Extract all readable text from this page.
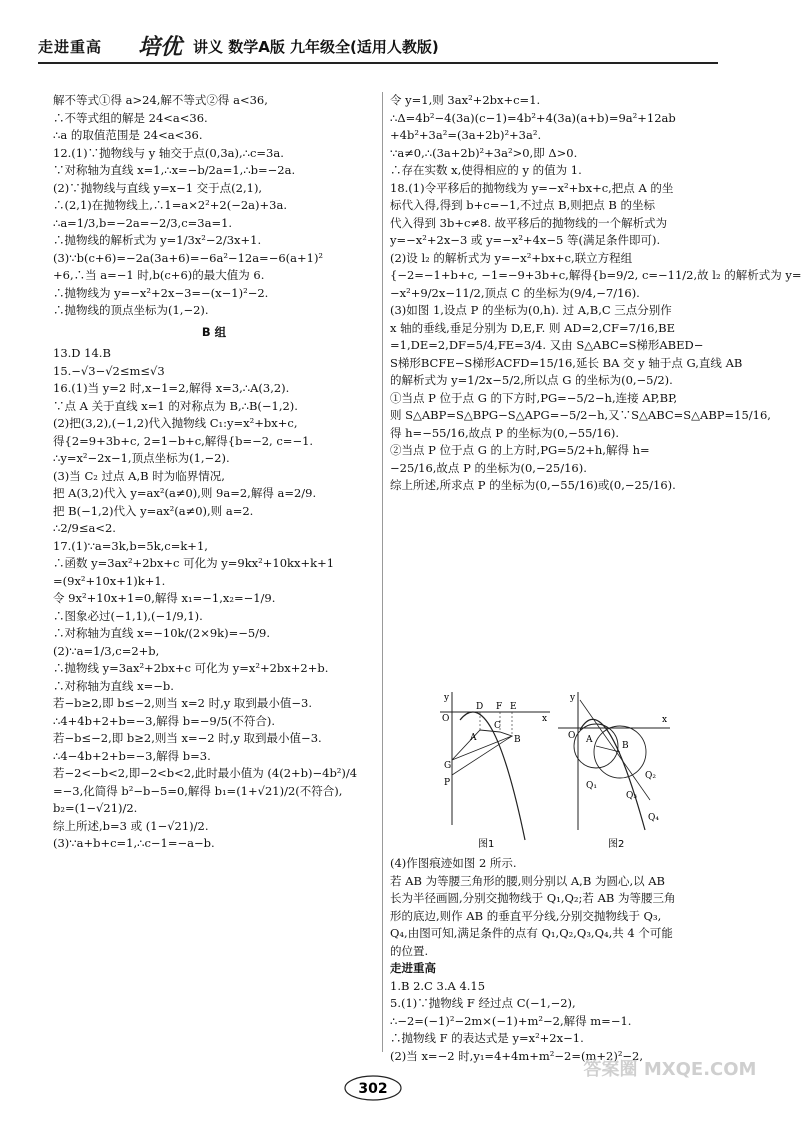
走进重高 培优 讲义 数学A版 九年级全(适用人教版)
解不等式①得 a>24,解不等式②得 a<36,
∴不等式组的解是 24<a<36.
∴a 的取值范围是 24<a<36.
12.(1)∵抛物线与 y 轴交于点(0,3a),∴c=3a.
∵对称轴为直线 x=1,∴x=−b/2a=1,∴b=−2a.
(2)∵抛物线与直线 y=x−1 交于点(2,1),
∴(2,1)在抛物线上,∴1=a×2²+2(−2a)+3a.
∴a=1/3,b=−2a=−2/3,c=3a=1.
∴抛物线的解析式为 y=1/3x²−2/3x+1.
(3)∵b(c+6)=−2a(3a+6)=−6a²−12a=−6(a+1)²
+6,∴当 a=−1 时,b(c+6)的最大值为 6.
∴抛物线为 y=−x²+2x−3=−(x−1)²−2.
∴抛物线的顶点坐标为(1,−2).
B 组
13.D 14.B
15.−√3−√2≤m≤√3
16.(1)当 y=2 时,x−1=2,解得 x=3,∴A(3,2).
∵点 A 关于直线 x=1 的对称点为 B,∴B(−1,2).
(2)把(3,2),(−1,2)代入抛物线 C₁:y=x²+bx+c,
得{2=9+3b+c, 2=1−b+c,解得{b=−2, c=−1.
∴y=x²−2x−1,顶点坐标为(1,−2).
(3)当 C₂ 过点 A,B 时为临界情况,
把 A(3,2)代入 y=ax²(a≠0),则 9a=2,解得 a=2/9.
把 B(−1,2)代入 y=ax²(a≠0),则 a=2.
∴2/9≤a<2.
17.(1)∵a=3k,b=5k,c=k+1,
∴函数 y=3ax²+2bx+c 可化为 y=9kx²+10kx+k+1
=(9x²+10x+1)k+1.
令 9x²+10x+1=0,解得 x₁=−1,x₂=−1/9.
∴图象必过(−1,1),(−1/9,1).
∴对称轴为直线 x=−10k/(2×9k)=−5/9.
(2)∵a=1/3,c=2+b,
∴抛物线 y=3ax²+2bx+c 可化为 y=x²+2bx+2+b.
∴对称轴为直线 x=−b.
若−b≥2,即 b≤−2,则当 x=2 时,y 取到最小值−3.
∴4+4b+2+b=−3,解得 b=−9/5(不符合).
若−b≤−2,即 b≥2,则当 x=−2 时,y 取到最小值−3.
∴4−4b+2+b=−3,解得 b=3.
若−2<−b<2,即−2<b<2,此时最小值为 (4(2+b)−4b²)/4
=−3,化简得 b²−b−5=0,解得 b₁=(1+√21)/2(不符合),
b₂=(1−√21)/2.
综上所述,b=3 或 (1−√21)/2.
(3)∵a+b+c=1,∴c−1=−a−b.
令 y=1,则 3ax²+2bx+c=1.
∴Δ=4b²−4(3a)(c−1)=4b²+4(3a)(a+b)=9a²+12ab
+4b²+3a²=(3a+2b)²+3a².
∵a≠0,∴(3a+2b)²+3a²>0,即 Δ>0.
∴存在实数 x,使得相应的 y 的值为 1.
18.(1)令平移后的抛物线为 y=−x²+bx+c,把点 A 的坐
标代入得,得到 b+c=−1,不过点 B,则把点 B 的坐标
代入得到 3b+c≠8. 故平移后的抛物线的一个解析式为
y=−x²+2x−3 或 y=−x²+4x−5 等(满足条件即可).
(2)设 l₂ 的解析式为 y=−x²+bx+c,联立方程组
{−2=−1+b+c, −1=−9+3b+c,解得{b=9/2, c=−11/2,故 l₂ 的解析式为 y=
−x²+9/2x−11/2,顶点 C 的坐标为(9/4,−7/16).
(3)如图 1,设点 P 的坐标为(0,h). 过 A,B,C 三点分别作
x 轴的垂线,垂足分别为 D,E,F. 则 AD=2,CF=7/16,BE
=1,DE=2,DF=5/4,FE=3/4. 又由 S△ABC=S梯形ABED−
S梯形BCFE−S梯形ACFD=15/16,延长 BA 交 y 轴于点 G,直线 AB
的解析式为 y=1/2x−5/2,所以点 G 的坐标为(0,−5/2).
①当点 P 位于点 G 的下方时,PG=−5/2−h,连接 AP,BP,
则 S△ABP=S△BPG−S△APG=−5/2−h,又∵S△ABC=S△ABP=15/16,
得 h=−55/16,故点 P 的坐标为(0,−55/16).
②当点 P 位于点 G 的上方时,PG=5/2+h,解得 h=
−25/16,故点 P 的坐标为(0,−25/16).
综上所述,所求点 P 的坐标为(0,−55/16)或(0,−25/16).
y
O
D F E
x
C
B
A
G
P
图1
y
O
x
A
B
Q₁
Q₂
Q₃
Q₄
图2
(4)作图痕迹如图 2 所示.
若 AB 为等腰三角形的腰,则分别以 A,B 为圆心,以 AB
长为半径画圆,分别交抛物线于 Q₁,Q₂;若 AB 为等腰三角
形的底边,则作 AB 的垂直平分线,分别交抛物线于 Q₃,
Q₄,由图可知,满足条件的点有 Q₁,Q₂,Q₃,Q₄,共 4 个可能
的位置.
走进重高
1.B 2.C 3.A 4.15
5.(1)∵抛物线 F 经过点 C(−1,−2),
∴−2=(−1)²−2m×(−1)+m²−2,解得 m=−1.
∴抛物线 F 的表达式是 y=x²+2x−1.
(2)当 x=−2 时,y₁=4+4m+m²−2=(m+2)²−2,
302
答案圈 MXQE.COM
